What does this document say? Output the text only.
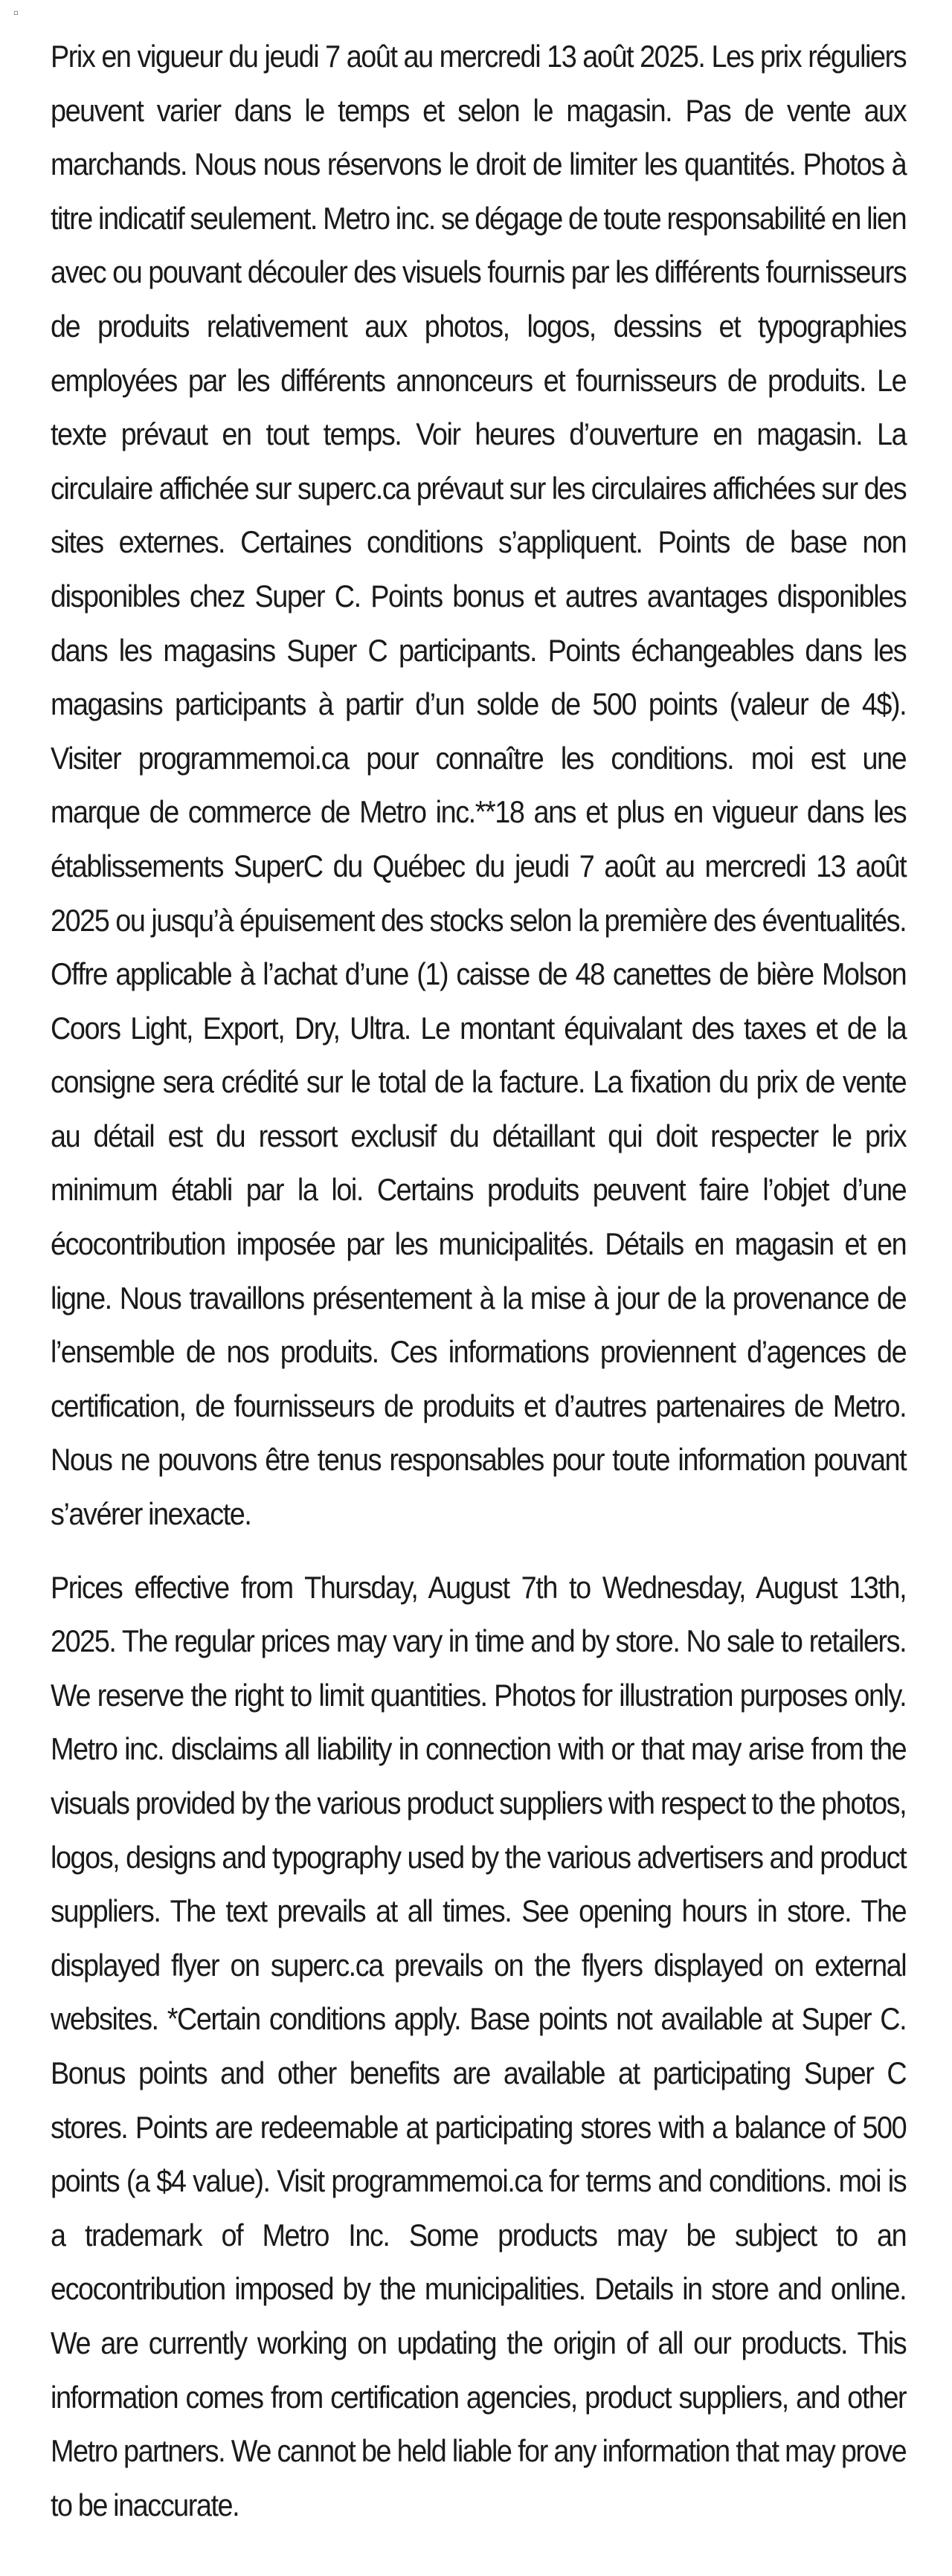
▫

Prix en vigueur du jeudi 7 août au mercredi 13 août 2025. Les prix réguliers peuvent varier dans le temps et selon le magasin. Pas de vente aux marchands. Nous nous réservons le droit de limiter les quantités. Photos à titre indicatif seulement. Metro inc. se dégage de toute responsabilité en lien avec ou pouvant découler des visuels fournis par les différents fournisseurs de produits relativement aux photos, logos, dessins et typographies employées par les différents annonceurs et fournisseurs de produits. Le texte prévaut en tout temps. Voir heures d’ouverture en magasin. La circulaire affichée sur superc.ca prévaut sur les circulaires affichées sur des sites externes. Certaines conditions s’appliquent. Points de base non disponibles chez Super C. Points bonus et autres avantages disponibles dans les magasins Super C participants. Points échangeables dans les magasins participants à partir d’un solde de 500 points (valeur de 4$). Visiter programmemoi.ca pour connaître les conditions. moi est une marque de commerce de Metro inc.**18 ans et plus en vigueur dans les établissements SuperC du Québec du jeudi 7 août au mercredi 13 août 2025 ou jusqu’à épuisement des stocks selon la première des éventualités. Offre applicable à l’achat d’une (1) caisse de 48 canettes de bière Molson Coors Light, Export, Dry, Ultra. Le montant équivalant des taxes et de la consigne sera crédité sur le total de la facture. La fixation du prix de vente au détail est du ressort exclusif du détaillant qui doit respecter le prix minimum établi par la loi. Certains produits peuvent faire l’objet d’une écocontribution imposée par les municipalités. Détails en magasin et en ligne. Nous travaillons présentement à la mise à jour de la provenance de l’ensemble de nos produits. Ces informations proviennent d’agences de certification, de fournisseurs de produits et d’autres partenaires de Metro. Nous ne pouvons être tenus responsables pour toute information pouvant s’avérer inexacte.

Prices effective from Thursday, August 7th to Wednesday, August 13th, 2025. The regular prices may vary in time and by store. No sale to retailers. We reserve the right to limit quantities. Photos for illustration purposes only. Metro inc. disclaims all liability in connection with or that may arise from the visuals provided by the various product suppliers with respect to the photos, logos, designs and typography used by the various advertisers and product suppliers. The text prevails at all times. See opening hours in store. The displayed flyer on superc.ca prevails on the flyers displayed on external websites. *Certain conditions apply. Base points not available at Super C. Bonus points and other benefits are available at participating Super C stores. Points are redeemable at participating stores with a balance of 500 points (a $4 value). Visit programmemoi.ca for terms and conditions. moi is a trademark of Metro Inc. Some products may be subject to an ecocontribution imposed by the municipalities. Details in store and online. We are currently working on updating the origin of all our products. This information comes from certification agencies, product suppliers, and other Metro partners. We cannot be held liable for any information that may prove to be inaccurate.
